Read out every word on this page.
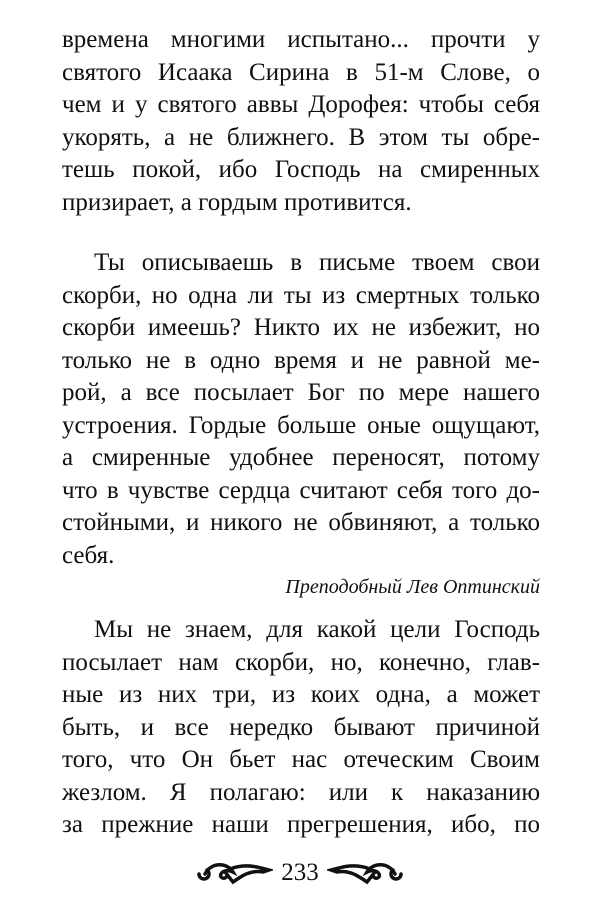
времена многими испытано... прочти у
святого Исаака Сирина в 51-м Слове, о
чем и у святого аввы Дорофея: чтобы себя
укорять, а не ближнего. В этом ты обре-
тешь покой, ибо Господь на смиренных
призирает, а гордым противится.
Ты описываешь в письме твоем свои
скорби, но одна ли ты из смертных только
скорби имеешь? Никто их не избежит, но
только не в одно время и не равной ме-
рой, а все посылает Бог по мере нашего
устроения. Гордые больше оные ощущают,
а смиренные удобнее переносят, потому
что в чувстве сердца считают себя того до-
стойными, и никого не обвиняют, а только
себя.
Преподобный Лев Оптинский
Мы не знаем, для какой цели Господь
посылает нам скорби, но, конечно, глав-
ные из них три, из коих одна, а может
быть, и все нередко бывают причиной
того, что Он бьет нас отеческим Своим
жезлом. Я полагаю: или к наказанию
за прежние наши прегрешения, ибо, по
233
